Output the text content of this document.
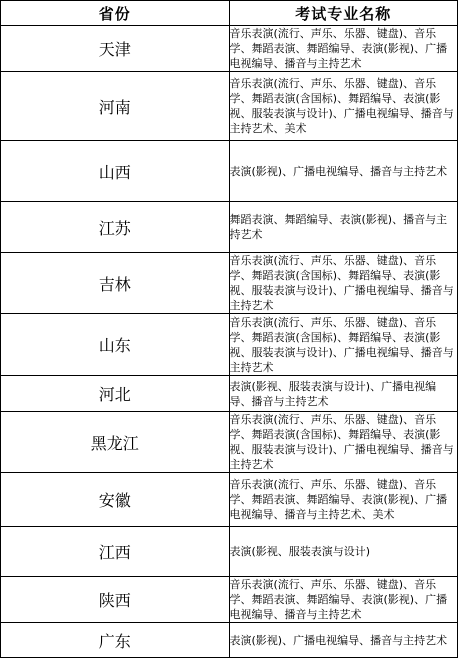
省份	考试专业名称
天津	音乐表演(流行、声乐、乐器、键盘)、音乐学、舞蹈表演、舞蹈编导、表演(影视)、广播电视编导、播音与主持艺术
河南	音乐表演(流行、声乐、乐器、键盘)、音乐学、舞蹈表演(含国标)、舞蹈编导、表演(影视、服装表演与设计)、广播电视编导、播音与主持艺术、美术
山西	表演(影视)、广播电视编导、播音与主持艺术
江苏	舞蹈表演、舞蹈编导、表演(影视)、播音与主持艺术
吉林	音乐表演(流行、声乐、乐器、键盘)、音乐学、舞蹈表演(含国标)、舞蹈编导、表演(影视、服装表演与设计)、广播电视编导、播音与主持艺术
山东	音乐表演(流行、声乐、乐器、键盘)、音乐学、舞蹈表演(含国标)、舞蹈编导、表演(影视、服装表演与设计)、广播电视编导、播音与主持艺术
河北	表演(影视、服装表演与设计)、广播电视编导、播音与主持艺术
黑龙江	音乐表演(流行、声乐、乐器、键盘)、音乐学、舞蹈表演(含国标)、舞蹈编导、表演(影视、服装表演与设计)、广播电视编导、播音与主持艺术
安徽	音乐表演(流行、声乐、乐器、键盘)、音乐学、舞蹈表演、舞蹈编导、表演(影视)、广播电视编导、播音与主持艺术、美术
江西	表演(影视、服装表演与设计)
陕西	音乐表演(流行、声乐、乐器、键盘)、音乐学、舞蹈表演、舞蹈编导、表演(影视)、广播电视编导、播音与主持艺术
广东	表演(影视)、广播电视编导、播音与主持艺术
